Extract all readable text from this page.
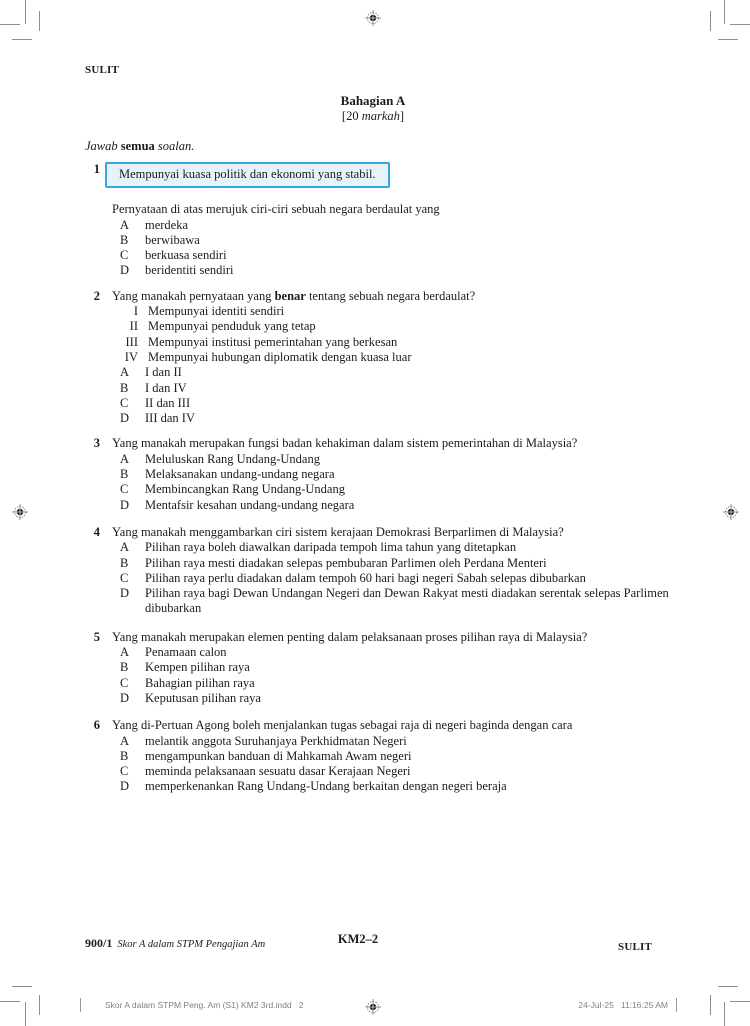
SULIT
Bahagian A
[20 markah]
Jawab semua soalan.
1	Mempunyai kuasa politik dan ekonomi yang stabil.
Pernyataan di atas merujuk ciri-ciri sebuah negara berdaulat yang
A	merdeka
B	berwibawa
C	berkuasa sendiri
D	beridentiti sendiri
2 Yang manakah pernyataan yang benar tentang sebuah negara berdaulat?
I Mempunyai identiti sendiri
II Mempunyai penduduk yang tetap
III Mempunyai institusi pemerintahan yang berkesan
IV Mempunyai hubungan diplomatik dengan kuasa luar
A	I dan II
B	I dan IV
C	II dan III
D	III dan IV
3 Yang manakah merupakan fungsi badan kehakiman dalam sistem pemerintahan di Malaysia?
A	Meluluskan Rang Undang-Undang
B	Melaksanakan undang-undang negara
C	Membincangkan Rang Undang-Undang
D	Mentafsir kesahan undang-undang negara
4 Yang manakah menggambarkan ciri sistem kerajaan Demokrasi Berparlimen di Malaysia?
A	Pilihan raya boleh diawalkan daripada tempoh lima tahun yang ditetapkan
B	Pilihan raya mesti diadakan selepas pembubaran Parlimen oleh Perdana Menteri
C	Pilihan raya perlu diadakan dalam tempoh 60 hari bagi negeri Sabah selepas dibubarkan
D	Pilihan raya bagi Dewan Undangan Negeri dan Dewan Rakyat mesti diadakan serentak selepas Parlimen dibubarkan
5 Yang manakah merupakan elemen penting dalam pelaksanaan proses pilihan raya di Malaysia?
A	Penamaan calon
B	Kempen pilihan raya
C	Bahagian pilihan raya
D	Keputusan pilihan raya
6 Yang di-Pertuan Agong boleh menjalankan tugas sebagai raja di negeri baginda dengan cara
A	melantik anggota Suruhanjaya Perkhidmatan Negeri
B	mengampunkan banduan di Mahkamah Awam negeri
C	meminda pelaksanaan sesuatu dasar Kerajaan Negeri
D	memperkenankan Rang Undang-Undang berkaitan dengan negeri beraja
900/1 Skor A dalam STPM Pengajian Am	KM2–2
SULIT
Skor A dalam STPM Peng. Am (S1) KM2 3rd.indd   2	24-Jul-25 11:16:25 AM
